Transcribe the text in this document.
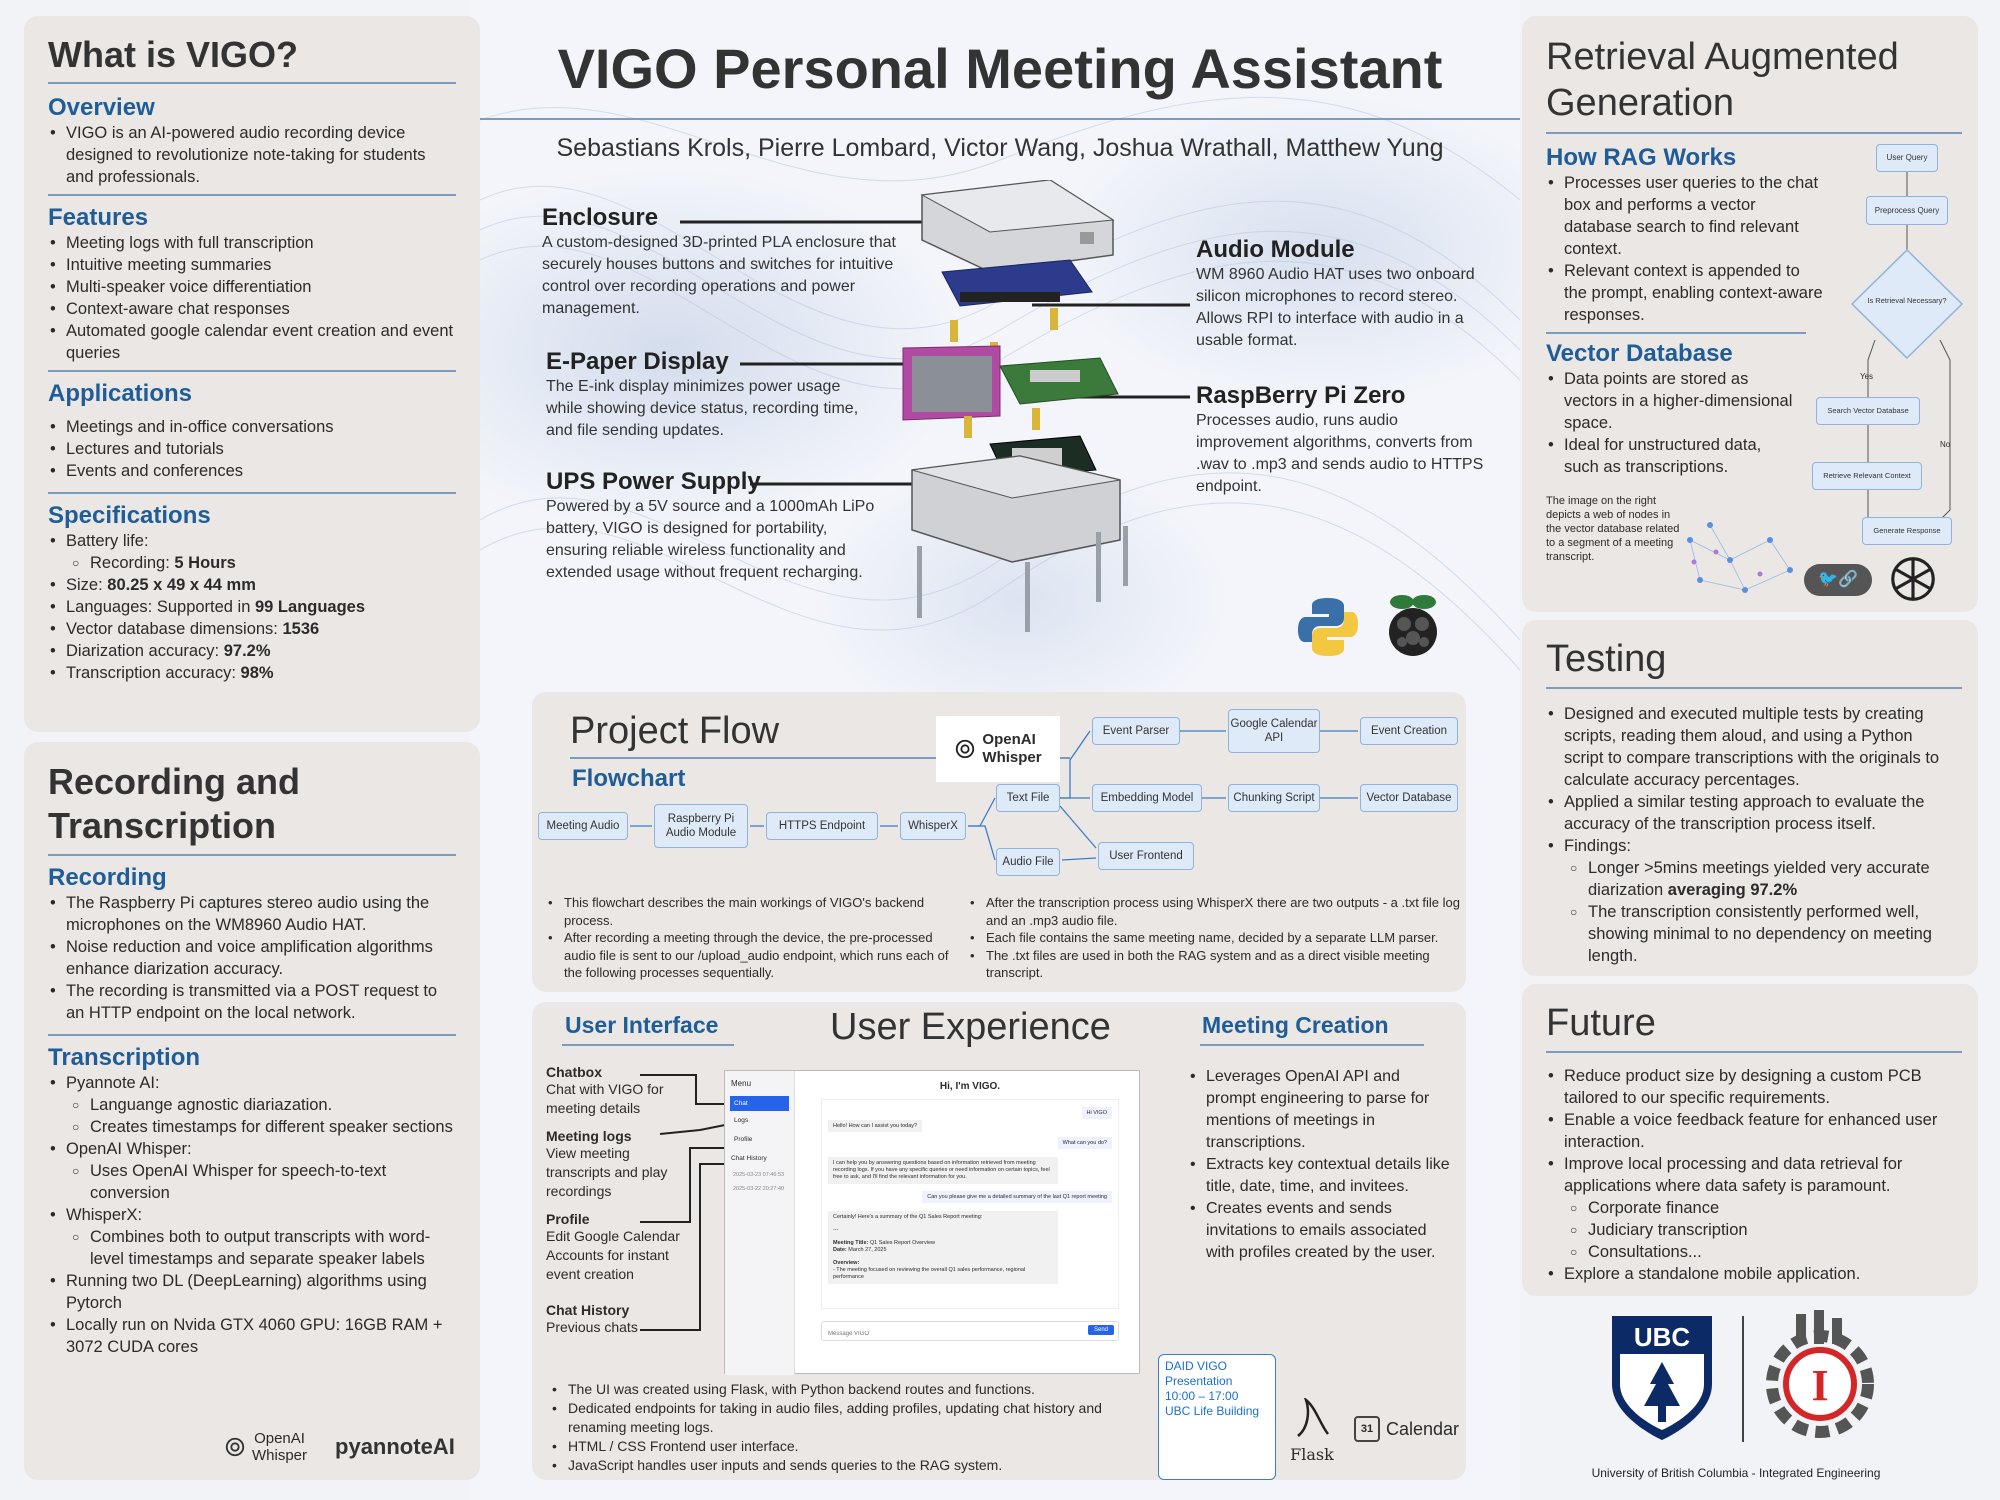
VIGO Personal Meeting Assistant
Sebastians Krols, Pierre Lombard, Victor Wang, Joshua Wrathall, Matthew Yung
What is VIGO?
Overview
• VIGO is an AI-powered audio recording device designed to revolutionize note-taking for students and professionals.
Features
• Meeting logs with full transcription
• Intuitive meeting summaries
• Multi-speaker voice differentiation
• Context-aware chat responses
• Automated google calendar event creation and event queries
Applications
• Meetings and in-office conversations
• Lectures and tutorials
• Events and conferences
Specifications
• Battery life:
○ Recording: 5 Hours
• Size: 80.25 x 49 x 44 mm
• Languages: Supported in 99 Languages
• Vector database dimensions: 1536
• Diarization accuracy: 97.2%
• Transcription accuracy: 98%
Recording and
Transcription
Recording
• The Raspberry Pi captures stereo audio using the microphones on the WM8960 Audio HAT.
• Noise reduction and voice amplification algorithms enhance diarization accuracy.
• The recording is transmitted via a POST request to an HTTP endpoint on the local network.
Transcription
• Pyannote AI:
○ Languange agnostic diariazation.
○ Creates timestamps for different speaker sections
• OpenAI Whisper:
○ Uses OpenAI Whisper for speech-to-text conversion
• WhisperX:
○ Combines both to output transcripts with word-level timestamps and separate speaker labels
• Running two DL (DeepLearning) algorithms using Pytorch
• Locally run on Nvida GTX 4060 GPU: 16GB RAM + 3072 CUDA cores
OpenAI
Whisper pyannoteAI
Enclosure
A custom-designed 3D-printed PLA enclosure that securely houses buttons and switches for intuitive control over recording operations and power management.
E-Paper Display
The E-ink display minimizes power usage while showing device status, recording time, and file sending updates.
UPS Power Supply
Powered by a 5V source and a 1000mAh LiPo battery, VIGO is designed for portability, ensuring reliable wireless functionality and extended usage without frequent recharging.
Audio Module
WM 8960 Audio HAT uses two onboard silicon microphones to record stereo. Allows RPI to interface with audio in a usable format.
RaspBerry Pi Zero
Processes audio, runs audio improvement algorithms, converts from .wav to .mp3 and sends audio to HTTPS endpoint.
Project Flow
Flowchart
OpenAI
Whisper
Meeting Audio
Raspberry Pi Audio Module
HTTPS Endpoint	WhisperX
Text File
Audio File
Event Parser
Google Calendar API
Event Creation
Embedding Model	Chunking Script	Vector Database
User Frontend
• This flowchart describes the main workings of VIGO's backend process.
• After recording a meeting through the device, the pre-processed audio file is sent to our /upload_audio endpoint, which runs each of the following processes sequentially.
• After the transcription process using WhisperX there are two outputs - a .txt file log and an .mp3 audio file.
• Each file contains the same meeting name, decided by a separate LLM parser.
• The .txt files are used in both the RAG system and as a direct visible meeting transcript.
User Interface	User Experience	Meeting Creation
Chatbox
Chat with VIGO for meeting details
Meeting logs
View meeting transcripts and play recordings
Profile
Edit Google Calendar Accounts for instant event creation
Chat History
Previous chats
Menu
Chat
Logs
Profile
Chat History
2025-03-23 07:46:53
2025-03-22 20:27:40
Hi, I'm VIGO.
Hi VIGO
Hello! How can I assist you today?
What can you do?
I can help you by answering questions based on information retrieved from meeting recording logs. If you have any specific queries or need information on certain topics, feel free to ask, and I'll find the relevant information for you.
Can you please give me a detailed summary of the last Q1 report meeting
Certainly! Here's a summary of the Q1 Sales Report meeting:
---
Meeting Title: Q1 Sales Report Overview
Date: March 27, 2025
Overview:
- The meeting focused on reviewing the overall Q1 sales performance, regional performance
Message VIGO
Send
• Leverages OpenAI API and prompt engineering to parse for mentions of meetings in transcriptions.
• Extracts key contextual details like title, date, time, and invitees.
• Creates events and sends invitations to emails associated with profiles created by the user.
• The UI was created using Flask, with Python backend routes and functions.
• Dedicated endpoints for taking in audio files, adding profiles, updating chat history and renaming meeting logs.
• HTML / CSS Frontend user interface.
• JavaScript handles user inputs and sends queries to the RAG system.
DAID VIGO
Presentation
10:00 – 17:00
UBC Life Building
Flask
31 Calendar
Retrieval Augmented
Generation
How RAG Works
• Processes user queries to the chat box and performs a vector database search to find relevant context.
• Relevant context is appended to the prompt, enabling context-aware responses.
Vector Database
• Data points are stored as vectors in a higher-dimensional space.
• Ideal for unstructured data, such as transcriptions.
The image on the right depicts a web of nodes in the vector database related to a segment of a meeting transcript.
User Query
Preprocess Query
Is Retrieval Necessary?
Yes
No
Search Vector Database
Retrieve Relevant Context
Generate Response
🐦🔗
Testing
• Designed and executed multiple tests by creating scripts, reading them aloud, and using a Python script to compare transcriptions with the originals to calculate accuracy percentages.
• Applied a similar testing approach to evaluate the accuracy of the transcription process itself.
• Findings:
○ Longer >5mins meetings yielded very accurate diarization averaging 97.2%
○ The transcription consistently performed well, showing minimal to no dependency on meeting length.
Future
• Reduce product size by designing a custom PCB tailored to our specific requirements.
• Enable a voice feedback feature for enhanced user interaction.
• Improve local processing and data retrieval for applications where data safety is paramount.
○ Corporate finance
○ Judiciary transcription
○ Consultations...
• Explore a standalone mobile application.
UBC
I
University of British Columbia - Integrated Engineering
